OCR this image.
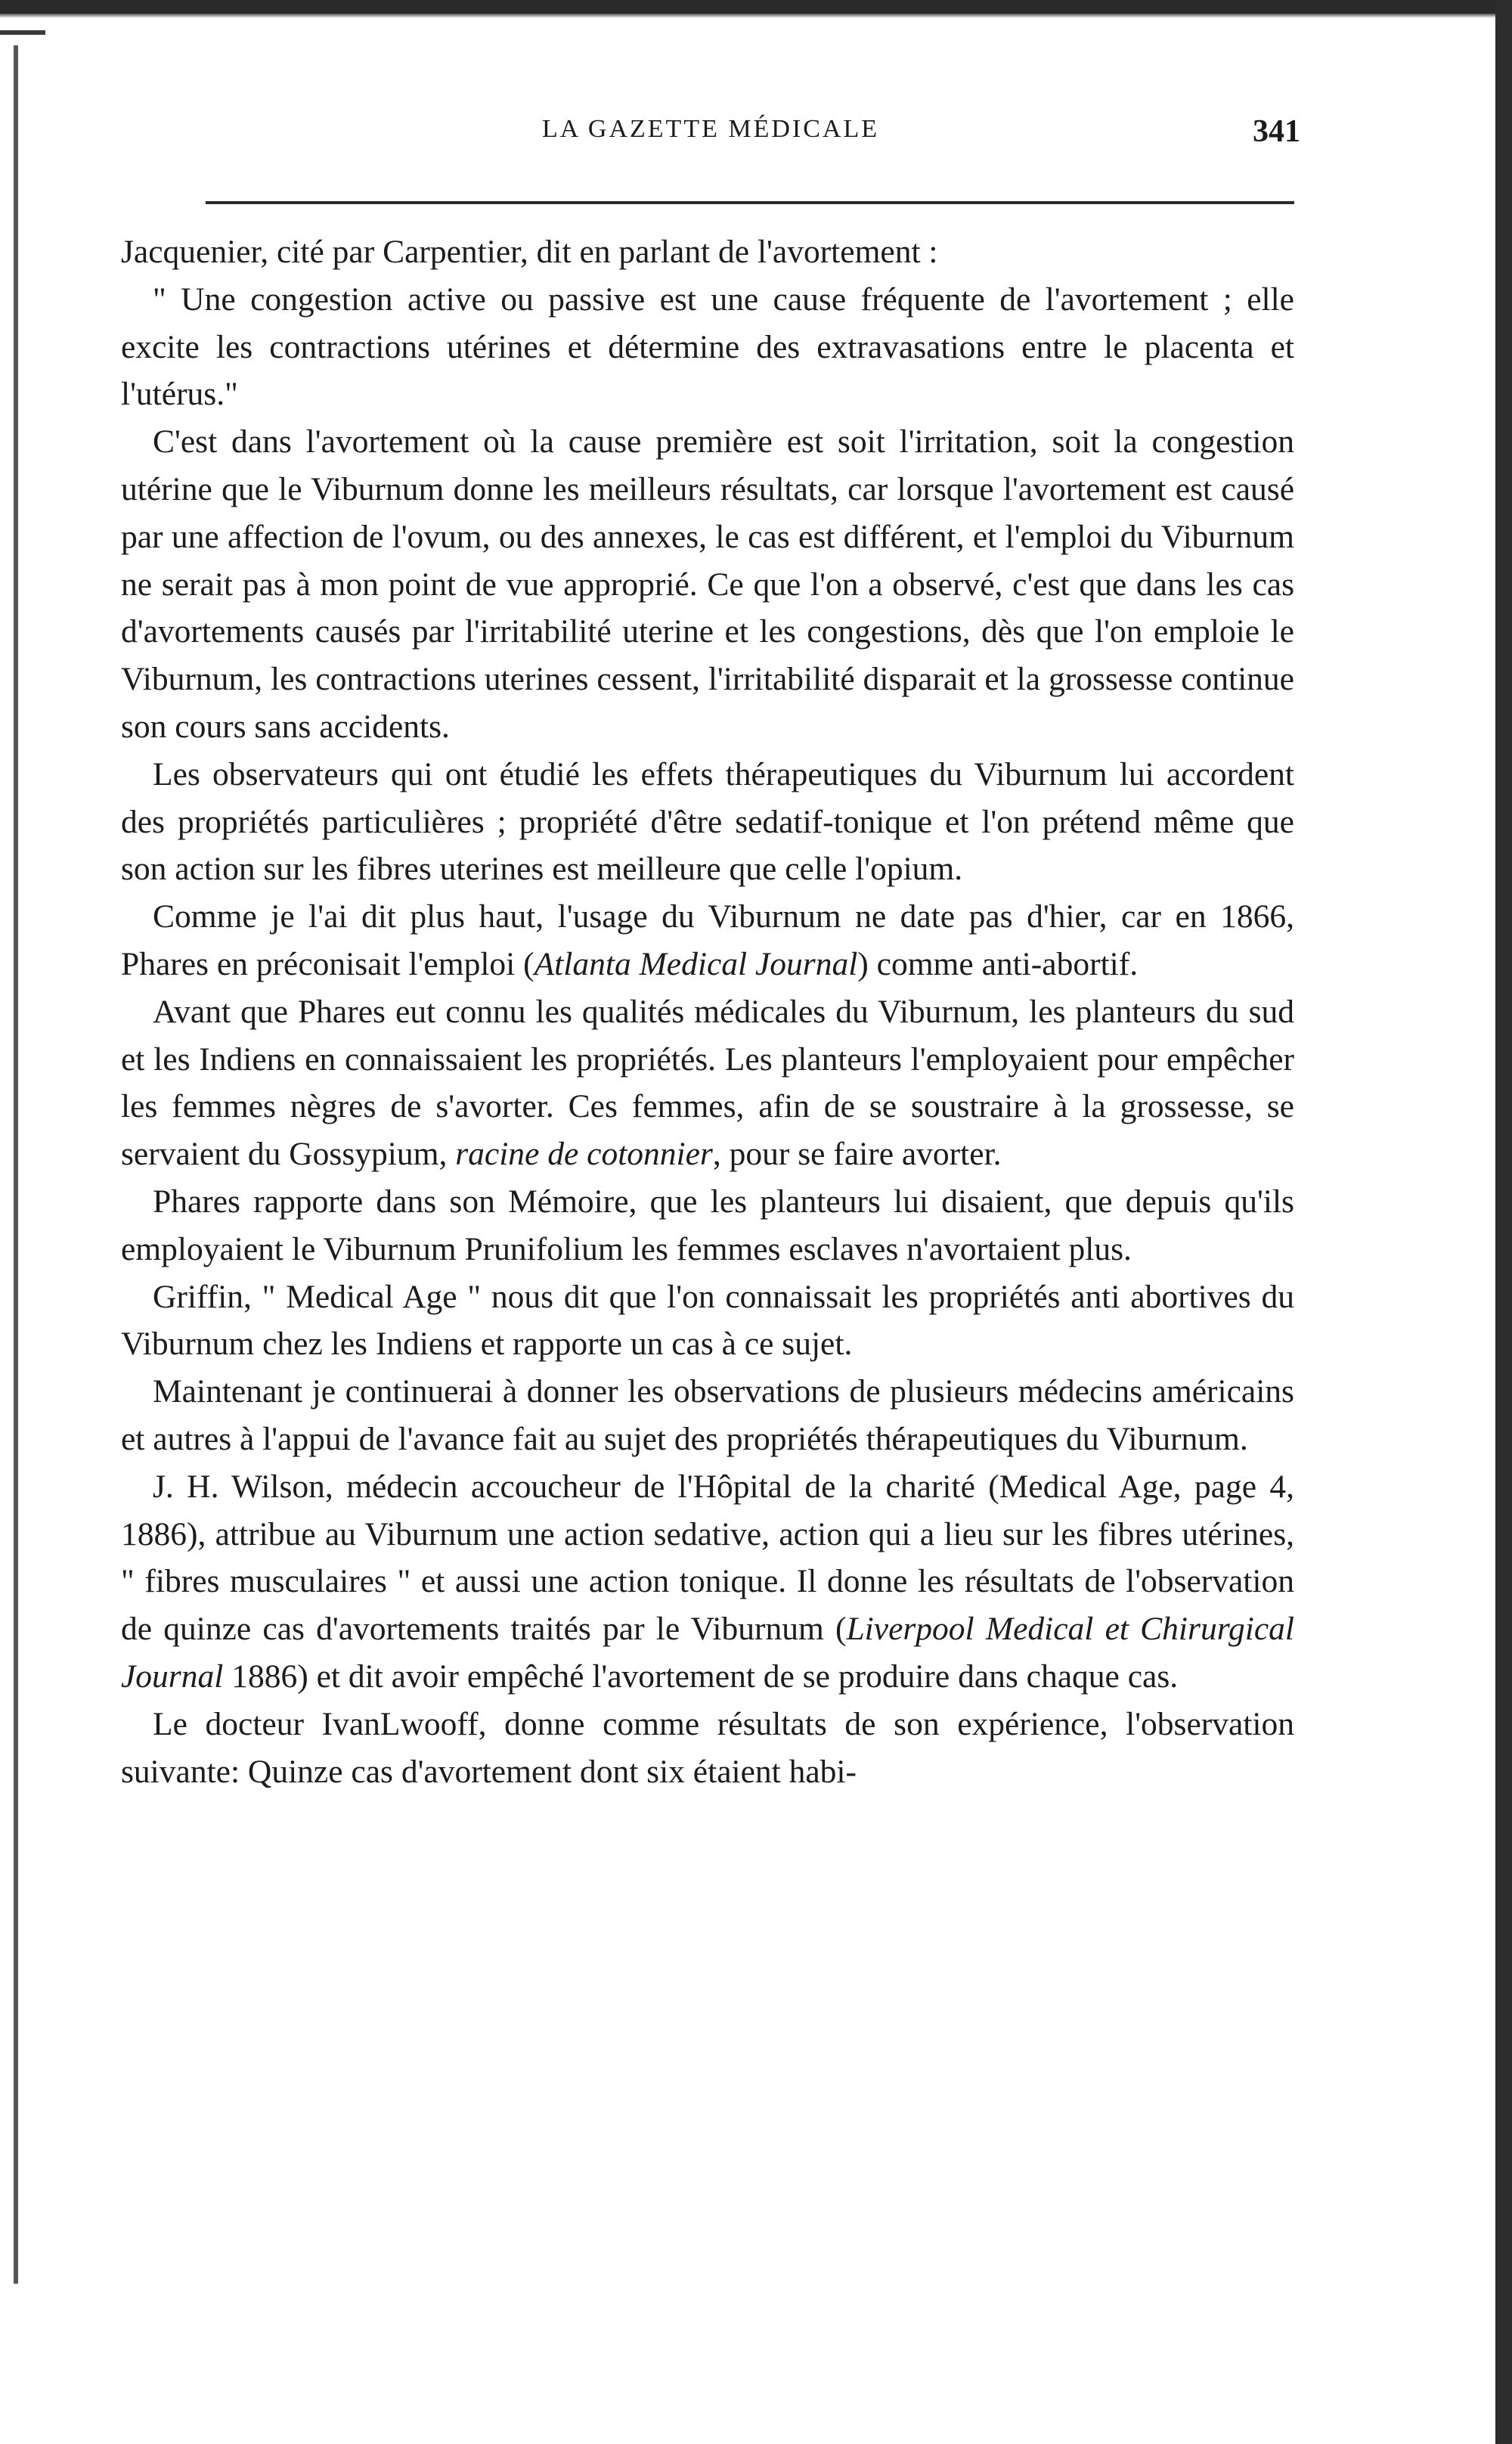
LA GAZETTE MÉDICALE	341

Jacquenier, cité par Carpentier, dit en parlant de l'avortement :

" Une congestion active ou passive est une cause fréquente de l'avortement ; elle excite les contractions utérines et détermine des extravasations entre le placenta et l'utérus."

C'est dans l'avortement où la cause première est soit l'irritation, soit la congestion utérine que le Viburnum donne les meilleurs résultats, car lorsque l'avortement est causé par une affection de l'ovum, ou des annexes, le cas est différent, et l'emploi du Viburnum ne serait pas à mon point de vue approprié. Ce que l'on a observé, c'est que dans les cas d'avortements causés par l'irritabilité uterine et les congestions, dès que l'on emploie le Viburnum, les contractions uterines cessent, l'irritabilité disparait et la grossesse continue son cours sans accidents.

Les observateurs qui ont étudié les effets thérapeutiques du Viburnum lui accordent des propriétés particulières ; propriété d'être sedatif-tonique et l'on prétend même que son action sur les fibres uterines est meilleure que celle l'opium.

Comme je l'ai dit plus haut, l'usage du Viburnum ne date pas d'hier, car en 1866, Phares en préconisait l'emploi (Atlanta Medical Journal) comme anti-abortif.

Avant que Phares eut connu les qualités médicales du Viburnum, les planteurs du sud et les Indiens en connaissaient les propriétés. Les planteurs l'employaient pour empêcher les femmes nègres de s'avorter. Ces femmes, afin de se soustraire à la grossesse, se servaient du Gossypium, racine de cotonnier, pour se faire avorter.

Phares rapporte dans son Mémoire, que les planteurs lui disaient, que depuis qu'ils employaient le Viburnum Prunifolium les femmes esclaves n'avortaient plus.

Griffin, " Medical Age " nous dit que l'on connaissait les propriétés anti abortives du Viburnum chez les Indiens et rapporte un cas à ce sujet.

Maintenant je continuerai à donner les observations de plusieurs médecins américains et autres à l'appui de l'avance fait au sujet des propriétés thérapeutiques du Viburnum.

J. H. Wilson, médecin accoucheur de l'Hôpital de la charité (Medical Age, page 4, 1886), attribue au Viburnum une action sedative, action qui a lieu sur les fibres utérines, " fibres musculaires " et aussi une action tonique. Il donne les résultats de l'observation de quinze cas d'avortements traités par le Viburnum (Liverpool Medical et Chirurgical Journal 1886) et dit avoir empêché l'avortement de se produire dans chaque cas.

Le docteur IvanLwooff, donne comme résultats de son expérience, l'observation suivante: Quinze cas d'avortement dont six étaient habi-
